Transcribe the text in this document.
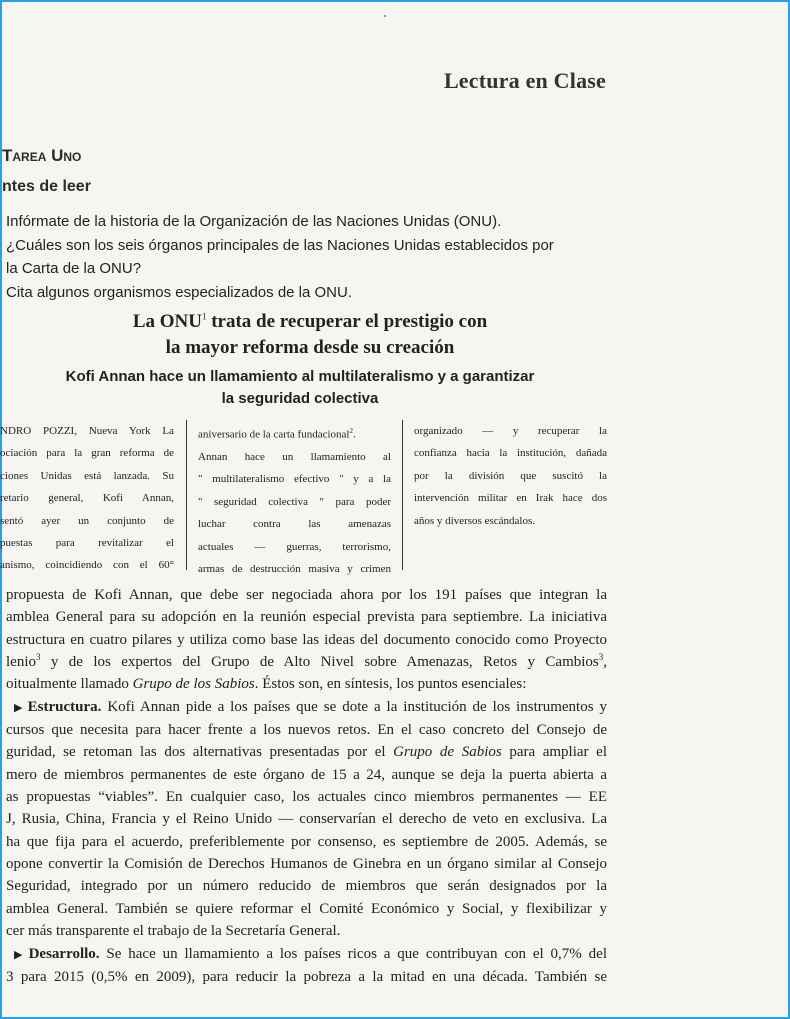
Lectura en Clase
Tarea Uno
ntes de leer
Infórmate de la historia de la Organización de las Naciones Unidas (ONU).
¿Cuáles son los seis órganos principales de las Naciones Unidas establecidos por
la Carta de la ONU?
Cita algunos organismos especializados de la ONU.
La ONU$^1$ trata de recuperar el prestigio con
la mayor reforma desde su creación
Kofi Annan hace un llamamiento al multilateralismo y a garantizar
la seguridad colectiva
NDRO POZZI, Nueva York La
ociación para la gran reforma de
ciones Unidas está lanzada. Su
retario general, Kofi Annan,
sentó ayer un conjunto de
puestas para revitalizar el
anismo, coincidiendo con el 60°
aniversario de la carta fundacional$^2$.
Annan hace un llamamiento al
" multilateralismo efectivo " y a la
" seguridad colectiva " para poder
luchar contra las amenazas
actuales — guerras, terrorismo,
armas de destrucción masiva y crimen
organizado — y recuperar la
confianza hacia la institución, dañada
por la división que suscitó la
intervención militar en Irak hace dos
años y diversos escándalos.

propuesta de Kofi Annan, que debe ser negociada ahora por los 191 países que integran la
amblea General para su adopción en la reunión especial prevista para septiembre. La iniciativa
estructura en cuatro pilares y utiliza como base las ideas del documento conocido como Proyecto
lenio$^3$ y de los expertos del Grupo de Alto Nivel sobre Amenazas, Retos y Cambios$^3$,
oitualmente llamado Grupo de los Sabios. Éstos son, en síntesis, los puntos esenciales:

▶ Estructura. Kofi Annan pide a los países que se dote a la institución de los instrumentos y
cursos que necesita para hacer frente a los nuevos retos. En el caso concreto del Consejo de
guridad, se retoman las dos alternativas presentadas por el Grupo de Sabios para ampliar el
mero de miembros permanentes de este órgano de 15 a 24, aunque se deja la puerta abierta a
as propuestas “viables”. En cualquier caso, los actuales cinco miembros permanentes — EE
J, Rusia, China, Francia y el Reino Unido — conservarían el derecho de veto en exclusiva. La
ha que fija para el acuerdo, preferiblemente por consenso, es septiembre de 2005. Además, se
opone convertir la Comisión de Derechos Humanos de Ginebra en un órgano similar al Consejo
Seguridad, integrado por un número reducido de miembros que serán designados por la
amblea General. También se quiere reformar el Comité Económico y Social, y flexibilizar y
cer más transparente el trabajo de la Secretaría General.

▶ Desarrollo. Se hace un llamamiento a los países ricos a que contribuyan con el 0,7% del
3 para 2015 (0,5% en 2009), para reducir la pobreza a la mitad en una década. También se
